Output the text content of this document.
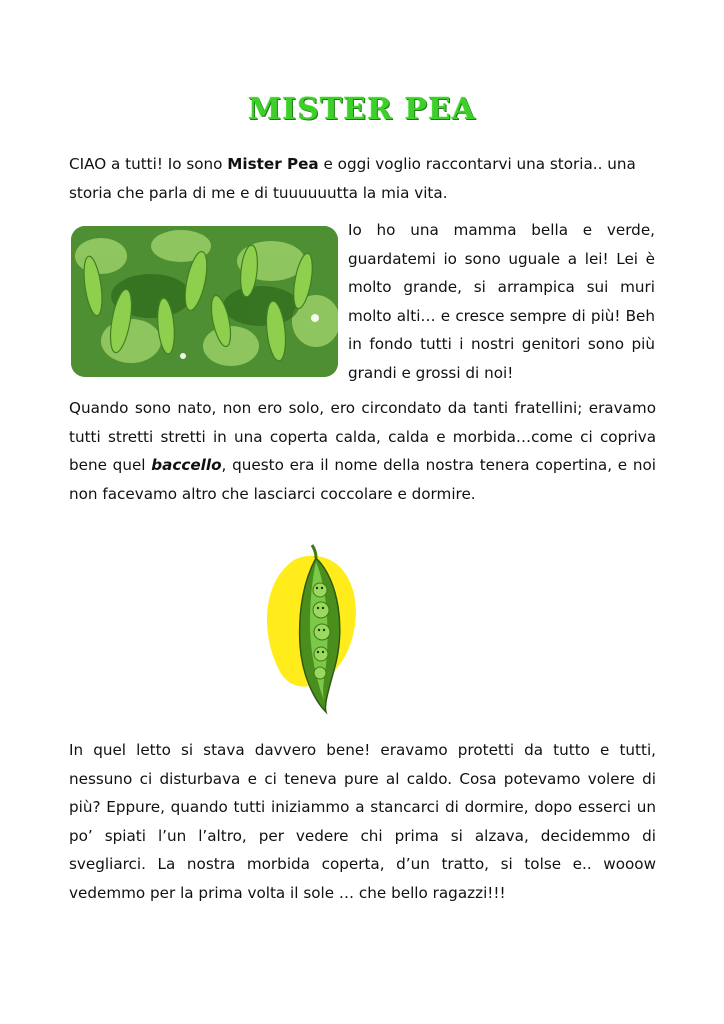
MISTER PEA

CIAO a tutti! Io sono Mister Pea e oggi voglio raccontarvi una storia.. una storia che parla di me e di tuuuuuutta la mia vita.

Io ho una mamma bella e verde, guardatemi io sono uguale a lei! Lei è molto grande, si arrampica sui muri molto alti… e cresce sempre di più! Beh in fondo tutti i nostri genitori sono più grandi e grossi di noi!

Quando sono nato, non ero solo, ero circondato da tanti fratellini; eravamo tutti stretti stretti in una coperta calda, calda e morbida…come ci copriva bene quel baccello, questo era il nome della nostra tenera copertina, e noi non facevamo altro che lasciarci coccolare e dormire.

In quel letto si stava davvero bene! eravamo protetti da tutto e tutti, nessuno ci disturbava e ci teneva pure al caldo. Cosa potevamo volere di più? Eppure, quando tutti iniziammo a stancarci di dormire, dopo esserci un po’ spiati l’un l’altro, per vedere chi prima si alzava, decidemmo di svegliarci. La nostra morbida coperta, d’un tratto, si tolse e.. wooow vedemmo per la prima volta il sole … che bello ragazzi!!!
